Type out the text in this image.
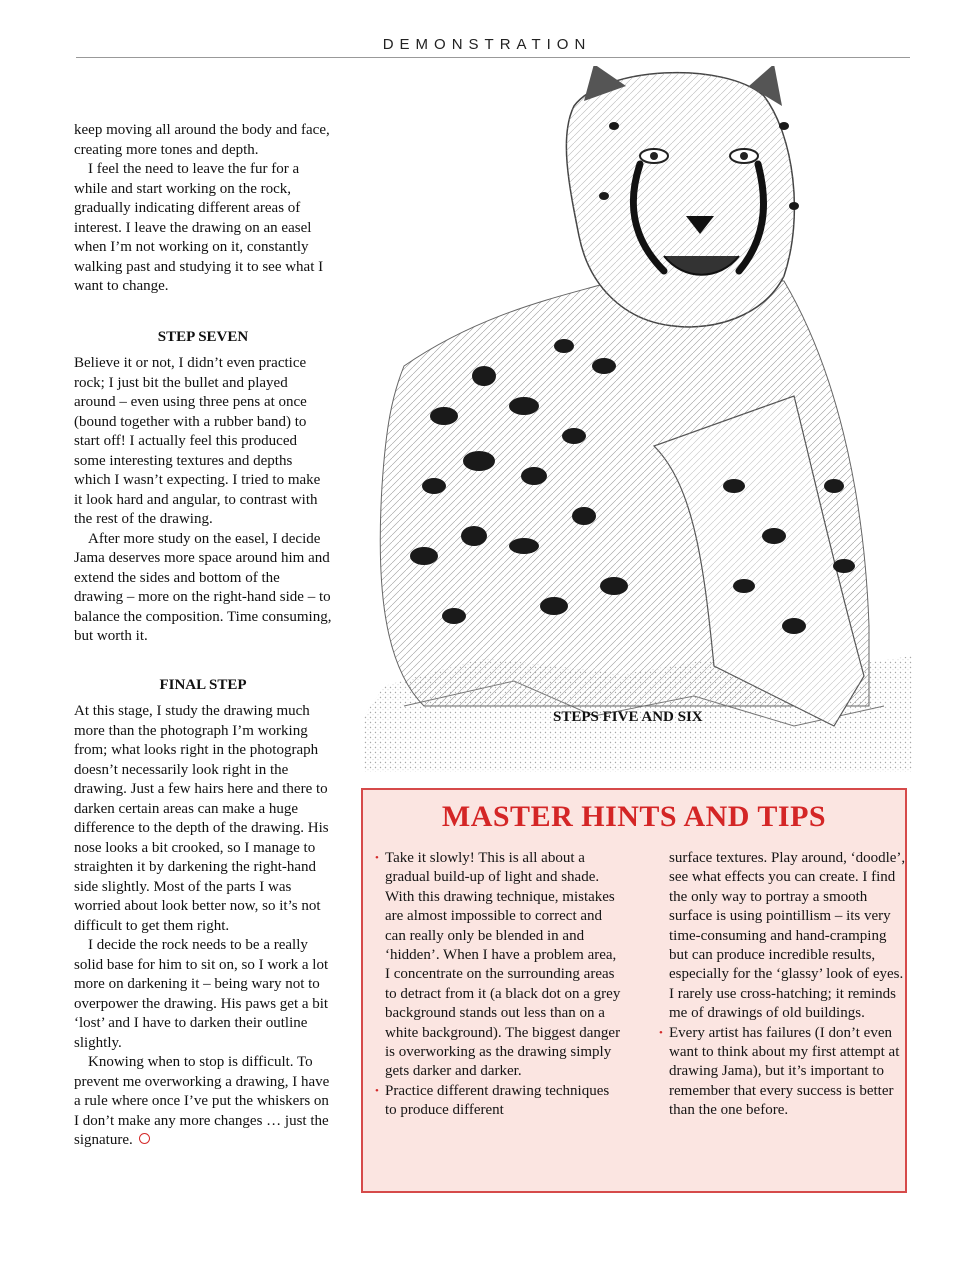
DEMONSTRATION

keep moving all around the body and face, creating more tones and depth.

I feel the need to leave the fur for a while and start working on the rock, gradually indicating different areas of interest. I leave the drawing on an easel when I’m not working on it, constantly walking past and studying it to see what I want to change.

STEP SEVEN

Believe it or not, I didn’t even practice rock; I just bit the bullet and played around – even using three pens at once (bound together with a rubber band) to start off! I actually feel this produced some interesting textures and depths which I wasn’t expecting. I tried to make it look hard and angular, to contrast with the rest of the drawing.

After more study on the easel, I decide Jama deserves more space around him and extend the sides and bottom of the drawing – more on the right-hand side – to balance the composition. Time consuming, but worth it.

FINAL STEP

At this stage, I study the drawing much more than the photograph I’m working from; what looks right in the photograph doesn’t necessarily look right in the drawing. Just a few hairs here and there to darken certain areas can make a huge difference to the depth of the drawing. His nose looks a bit crooked, so I manage to straighten it by darkening the right-hand side slightly. Most of the parts I was worried about look better now, so it’s not difficult to get them right.

I decide the rock needs to be a really solid base for him to sit on, so I work a lot more on darkening it – being wary not to overpower the drawing. His paws get a bit ‘lost’ and I have to darken their outline slightly.

Knowing when to stop is difficult. To prevent me overworking a drawing, I have a rule where once I’ve put the whiskers on I don’t make any more changes … just the signature.

STEPS FIVE AND SIX
MASTER HINTS AND TIPS
• Take it slowly! This is all about a gradual build-up of light and shade. With this drawing technique, mistakes are almost impossible to correct and can really only be blended in and ‘hidden’. When I have a problem area, I concentrate on the surrounding areas to detract from it (a black dot on a grey background stands out less than on a white background). The biggest danger is overworking as the drawing simply gets darker and darker.
• Practice different drawing techniques to produce different
surface textures. Play around, ‘doodle’, see what effects you can create. I find the only way to portray a smooth surface is using pointillism – its very time-consuming and hand-cramping but can produce incredible results, especially for the ‘glassy’ look of eyes. I rarely use cross-hatching; it reminds me of drawings of old buildings.
• Every artist has failures (I don’t even want to think about my first attempt at drawing Jama), but it’s important to remember that every success is better than the one before.
